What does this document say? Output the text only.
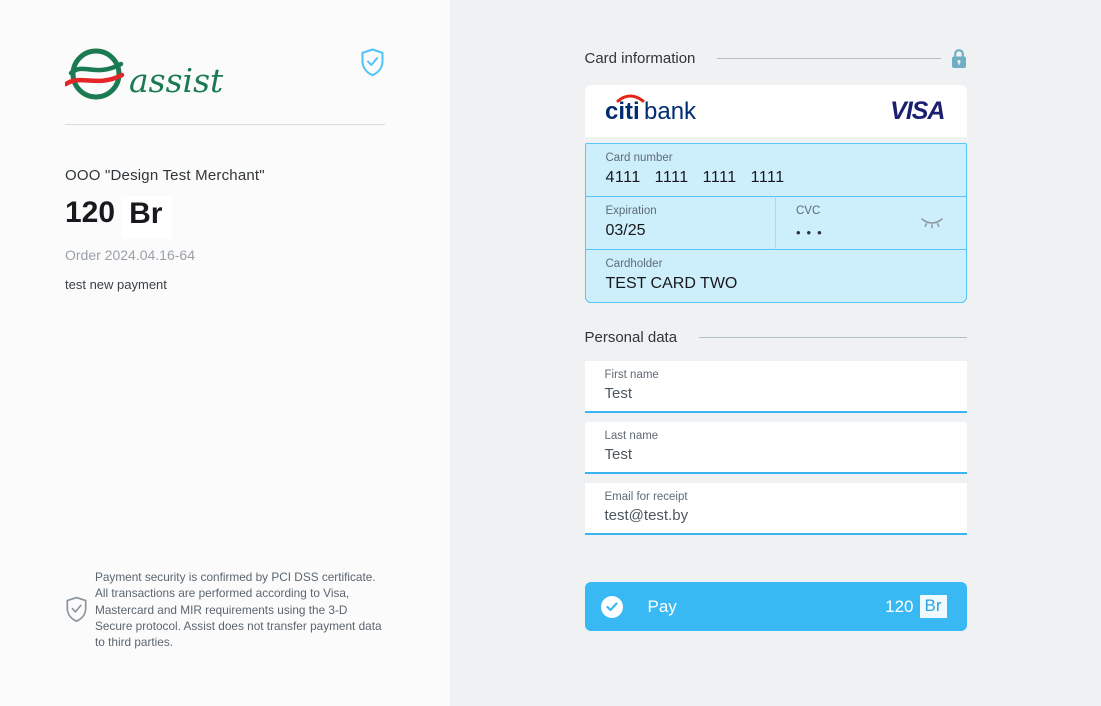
assist
OOO "Design Test Merchant"
120 Br
Order 2024.04.16-64
test new payment

Payment security is confirmed by PCI DSS certificate. All transactions are performed according to Visa, Mastercard and MIR requirements using the 3-D Secure protocol. Assist does not transfer payment data to third parties.

Card information
citi bank	VISA
Card number
4111 1111 1111 1111
Expiration
03/25
CVC
•••
Cardholder
TEST CARD TWO
Personal data
First name
Test
Last name
Test
Email for receipt
test@test.by
Pay	120 Br
